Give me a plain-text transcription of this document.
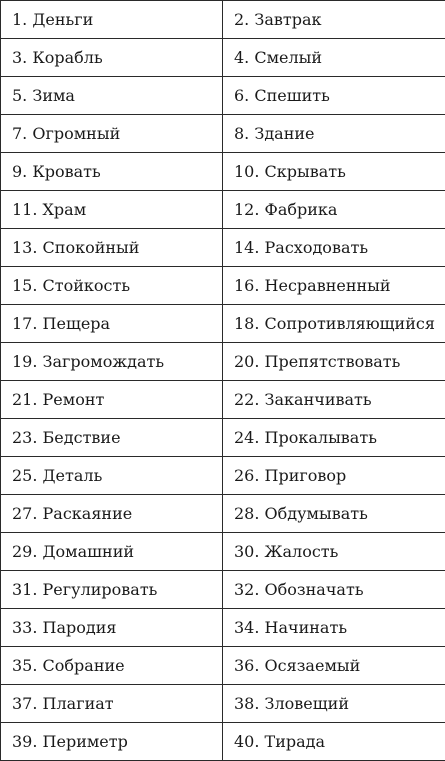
1. Деньги	2. Завтрак
3. Корабль	4. Смелый
5. Зима	6. Спешить
7. Огромный	8. Здание
9. Кровать	10. Скрывать
11. Храм	12. Фабрика
13. Спокойный	14. Расходовать
15. Стойкость	16. Несравненный
17. Пещера	18. Сопротивляющийся
19. Загромождать	20. Препятствовать
21. Ремонт	22. Заканчивать
23. Бедствие	24. Прокалывать
25. Деталь	26. Приговор
27. Раскаяние	28. Обдумывать
29. Домашний	30. Жалость
31. Регулировать	32. Обозначать
33. Пародия	34. Начинать
35. Собрание	36. Осязаемый
37. Плагиат	38. Зловещий
39. Периметр	40. Тирада
